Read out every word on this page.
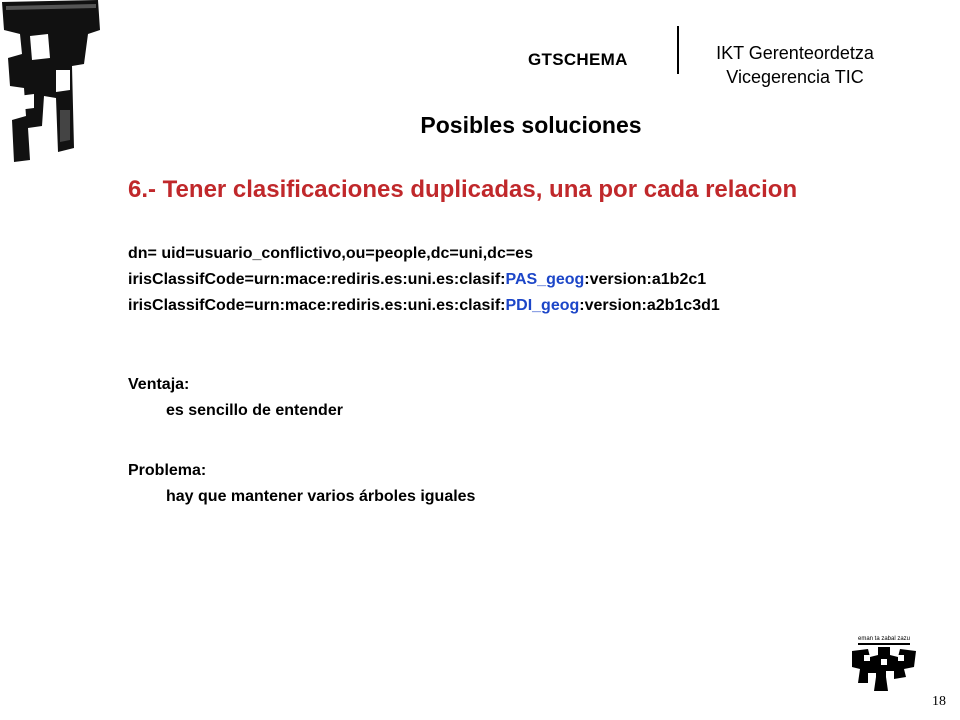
GTSCHEMA	IKT Gerenteordetza
Vicegerencia TIC
Posibles soluciones
6.- Tener clasificaciones duplicadas, una por cada relacion
dn= uid=usuario_conflictivo,ou=people,dc=uni,dc=es
irisClassifCode=urn:mace:rediris.es:uni.es:clasif:PAS_geog:version:a1b2c1
irisClassifCode=urn:mace:rediris.es:uni.es:clasif:PDI_geog:version:a2b1c3d1
Ventaja:
es sencillo de entender
Problema:
hay que mantener varios árboles iguales
eman ta zabal zazu
18
